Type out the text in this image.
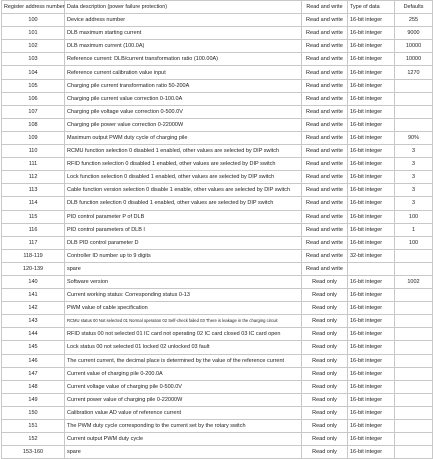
Register address number	Data description (power failure protection)	Read and write	Type of data	Defaults
100	Device address number	Read and write	16-bit integer	255
101	DLB maximum starting current	Read and write	16-bit integer	9000
102	DLB maximum current (100.0A)	Read and write	16-bit integer	10000
103	Reference current: DLB/current transformation ratio (100.00A)	Read and write	16-bit integer	10000
104	Reference current calibration value input	Read and write	16-bit integer	1270
105	Charging pile current transformation ratio 50-200A	Read and write	16-bit integer	
106	Charging pile current value correction 0-100.0A	Read and write	16-bit integer	
107	Charging pile voltage value correction 0-500.0V	Read and write	16-bit integer	
108	Charging pile power value correction 0-22000W	Read and write	16-bit integer	
109	Maximum output PWM duty cycle of charging pile	Read and write	16-bit integer	90%
110	RCMU function selection 0 disabled 1 enabled, other values are selected by DIP switch	Read and write	16-bit integer	3
111	RFID function selection 0 disabled 1 enabled, other values are selected by DIP switch	Read and write	16-bit integer	3
112	Lock function selection 0 disabled 1 enabled, other values are selected by DIP switch	Read and write	16-bit integer	3
113	Cable function version selection 0 disable 1 enable, other values are selected by DIP switch	Read and write	16-bit integer	3
114	DLB function selection 0 disabled 1 enabled, other values are selected by DIP switch	Read and write	16-bit integer	3
115	PID control parameter P of DLB	Read and write	16-bit integer	100
116	PID control parameters of DLB I	Read and write	16-bit integer	1
117	DLB PID control parameter D	Read and write	16-bit integer	100
118-119	Controller ID number up to 9 digits	Read and write	32-bit integer	
120-139	spare	Read and write		
140	Software version	Read only	16-bit integer	1002
141	Current working status: Corresponding status 0-13	Read only	16-bit integer	
142	PWM value of cable specification	Read only	16-bit integer	
143	RCMU status 00 Not selected 01 Normal operation 02 Self-check failed 03 There is leakage in the charging circuit	Read only	16-bit integer	
144	RFID status 00 not selected 01 IC card not operating 02 IC card closed 03 IC card open	Read only	16-bit integer	
145	Lock status 00 not selected 01 locked 02 unlocked 03 fault	Read only	16-bit integer	
146	The current current, the decimal place is determined by the value of the reference current	Read only	16-bit integer	
147	Current value of charging pile 0-200.0A	Read only	16-bit integer	
148	Current voltage value of charging pile 0-500.0V	Read only	16-bit integer	
149	Current power value of charging pile 0-22000W	Read only	16-bit integer	
150	Calibration value AD value of reference current	Read only	16-bit integer	
151	The PWM duty cycle corresponding to the current set by the rotary switch	Read only	16-bit integer	
152	Current output PWM duty cycle	Read only	16-bit integer	
153-160	spare	Read only	16-bit integer	
